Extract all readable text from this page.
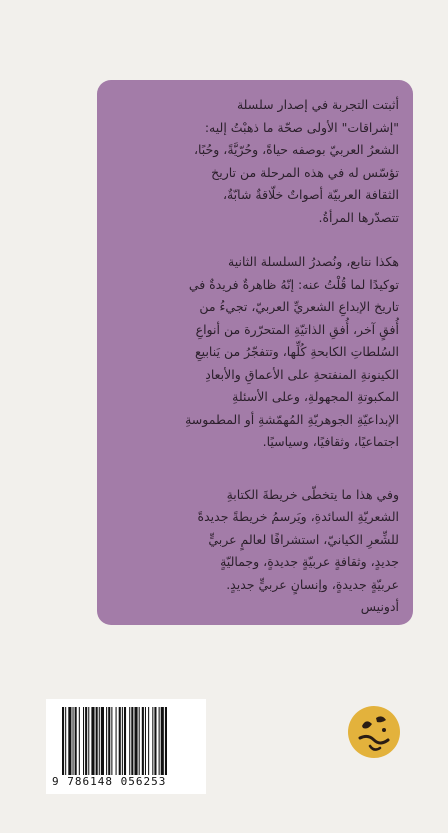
أثبتت التجربة في إصدار سلسلة
"إشراقات" الأولى صحّة ما ذهبْتُ إليه:
الشعرُ العربيّ بوصفه حياةً، وحُرّيَّةً، وحُبًا،
تؤسّس له في هذه المرحلة من تاريخ
الثقافة العربيّة أصواتٌ خلّاقةٌ شابّةٌ،
تتصدّرها المرأةُ.

هكذا نتابع، ونُصدرُ السلسلة الثانية
توكيدًا لما قُلْتُ عنه: إنّهُ ظاهرةٌ فريدةٌ في
تاريخ الإبداعِ الشعريِّ العربيّ، تجيءُ من
أُفقٍ آخر، أُفقِ الذاتيّةِ المتحرّرة من أنواعِ
السُلطاتِ الكابحةِ كُلِّها، وتتفجّرُ من يَنابيعِ
الكينونةِ المنفتحةِ على الأعماقِ والأبعادِ
المكبوتةِ المجهولةِ، وعلى الأسئلةِ
الإبداعيّةِ الجوهريّةِ المُهمّشةِ أو المطموسةِ
اجتماعيًا، وثقافيًا، وسياسيًا.

وفي هذا ما يتخطّى خريطةَ الكتابةِ
الشعريّةِ السائدةِ، ويَرسمُ خريطةً جديدةً
للشِّعرِ الكيانيّ، استشرافًا لعالمٍ عربيٍّ
جديدٍ، وثقافةٍ عربيّةٍ جديدةٍ، وجماليّةٍ
عربيّةٍ جديدةٍ، وإنسانٍ عربيٍّ جديدٍ.

أدونيس
9 786148 056253
